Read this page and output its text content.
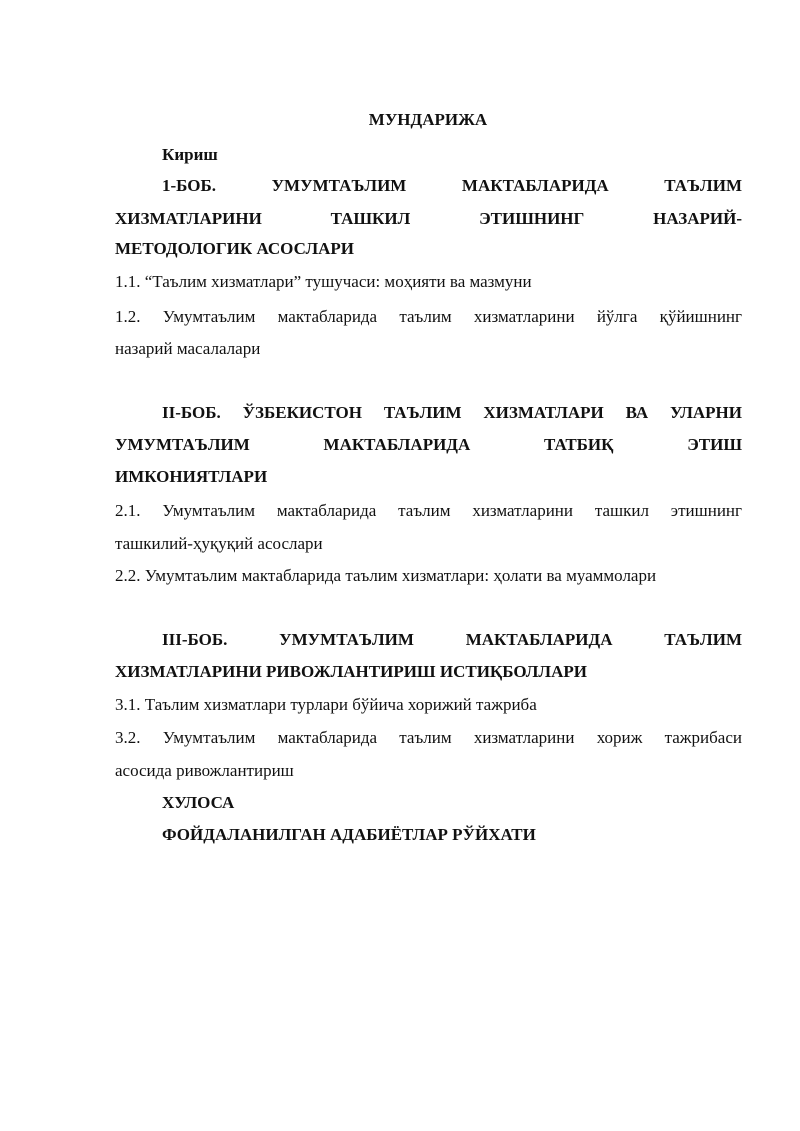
МУНДАРИЖА
Кириш
1-БОБ. УМУМТАЪЛИМ МАКТАБЛАРИДА ТАЪЛИМ
ХИЗМАТЛАРИНИ ТАШКИЛ ЭТИШНИНГ НАЗАРИЙ-
МЕТОДОЛОГИК АСОСЛАРИ
1.1. “Таълим хизматлари” тушучаси: моҳияти ва мазмуни
1.2. Умумтаълим мактабларида таълим хизматларини йўлга қўйишнинг
назарий масалалари
II-БОБ. ЎЗБЕКИСТОН ТАЪЛИМ ХИЗМАТЛАРИ ВА УЛАРНИ
УМУМТАЪЛИМ МАКТАБЛАРИДА ТАТБИҚ ЭТИШ
ИМКОНИЯТЛАРИ
2.1. Умумтаълим мактабларида таълим хизматларини ташкил этишнинг
ташкилий-ҳуқуқий асослари
2.2. Умумтаълим мактабларида таълим хизматлари: ҳолати ва муаммолари
III-БОБ. УМУМТАЪЛИМ МАКТАБЛАРИДА ТАЪЛИМ
ХИЗМАТЛАРИНИ РИВОЖЛАНТИРИШ ИСТИҚБОЛЛАРИ
3.1. Таълим хизматлари турлари бўйича хорижий тажриба
3.2. Умумтаълим мактабларида таълим хизматларини хориж тажрибаси
асосида ривожлантириш
ХУЛОСА
ФОЙДАЛАНИЛГАН АДАБИЁТЛАР РЎЙХАТИ
